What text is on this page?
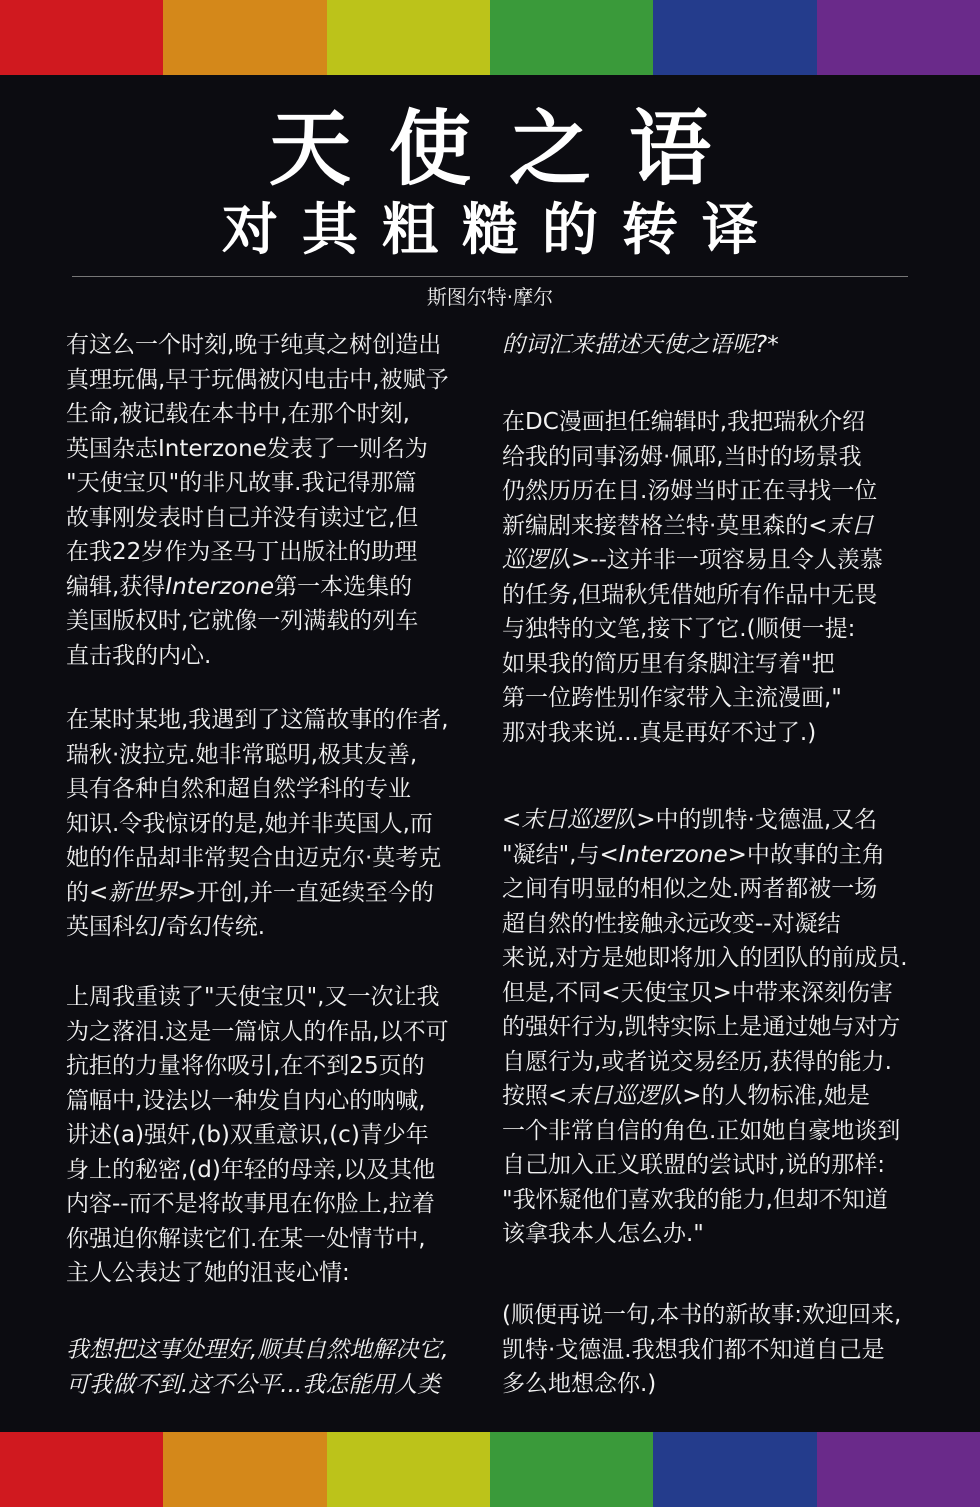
天使之语
对其粗糙的转译
斯图尔特·摩尔
有这么一个时刻,晚于纯真之树创造出
真理玩偶,早于玩偶被闪电击中,被赋予
生命,被记载在本书中,在那个时刻,
英国杂志Interzone发表了一则名为
"天使宝贝"的非凡故事.我记得那篇
故事刚发表时自己并没有读过它,但
在我22岁作为圣马丁出版社的助理
编辑,获得Interzone第一本选集的
美国版权时,它就像一列满载的列车
直击我的内心.
在某时某地,我遇到了这篇故事的作者,
瑞秋·波拉克.她非常聪明,极其友善,
具有各种自然和超自然学科的专业
知识.令我惊讶的是,她并非英国人,而
她的作品却非常契合由迈克尔·莫考克
的<新世界>开创,并一直延续至今的
英国科幻/奇幻传统.
上周我重读了"天使宝贝",又一次让我
为之落泪.这是一篇惊人的作品,以不可
抗拒的力量将你吸引,在不到25页的
篇幅中,设法以一种发自内心的呐喊,
讲述(a)强奸,(b)双重意识,(c)青少年
身上的秘密,(d)年轻的母亲,以及其他
内容--而不是将故事甩在你脸上,拉着
你强迫你解读它们.在某一处情节中,
主人公表达了她的沮丧心情:
我想把这事处理好,顺其自然地解决它,
可我做不到.这不公平...我怎能用人类
的词汇来描述天使之语呢?*
在DC漫画担任编辑时,我把瑞秋介绍
给我的同事汤姆·佩耶,当时的场景我
仍然历历在目.汤姆当时正在寻找一位
新编剧来接替格兰特·莫里森的<末日
巡逻队>--这并非一项容易且令人羡慕
的任务,但瑞秋凭借她所有作品中无畏
与独特的文笔,接下了它.(顺便一提:
如果我的简历里有条脚注写着"把
第一位跨性别作家带入主流漫画,"
那对我来说...真是再好不过了.)
<末日巡逻队>中的凯特·戈德温,又名
"凝结",与<Interzone>中故事的主角
之间有明显的相似之处.两者都被一场
超自然的性接触永远改变--对凝结
来说,对方是她即将加入的团队的前成员.
但是,不同<天使宝贝>中带来深刻伤害
的强奸行为,凯特实际上是通过她与对方
自愿行为,或者说交易经历,获得的能力.
按照<末日巡逻队>的人物标准,她是
一个非常自信的角色.正如她自豪地谈到
自己加入正义联盟的尝试时,说的那样:
"我怀疑他们喜欢我的能力,但却不知道
该拿我本人怎么办."
(顺便再说一句,本书的新故事:欢迎回来,
凯特·戈德温.我想我们都不知道自己是
多么地想念你.)
